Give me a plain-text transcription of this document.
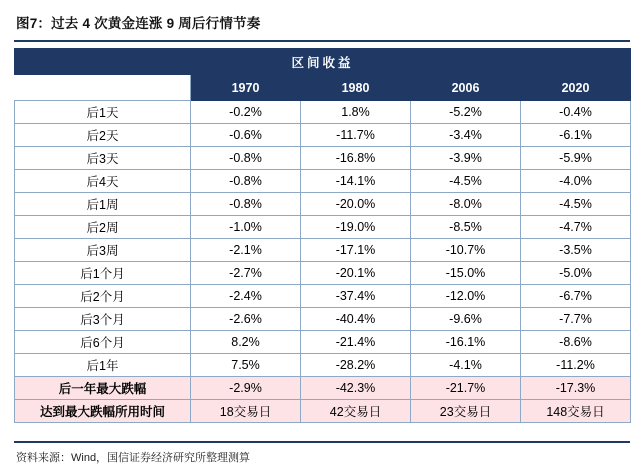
图7：过去 4 次黄金连涨 9 周后行情节奏
区间收益				
	1970	1980	2006	2020
后1天	-0.2%	1.8%	-5.2%	-0.4%
后2天	-0.6%	-11.7%	-3.4%	-6.1%
后3天	-0.8%	-16.8%	-3.9%	-5.9%
后4天	-0.8%	-14.1%	-4.5%	-4.0%
后1周	-0.8%	-20.0%	-8.0%	-4.5%
后2周	-1.0%	-19.0%	-8.5%	-4.7%
后3周	-2.1%	-17.1%	-10.7%	-3.5%
后1个月	-2.7%	-20.1%	-15.0%	-5.0%
后2个月	-2.4%	-37.4%	-12.0%	-6.7%
后3个月	-2.6%	-40.4%	-9.6%	-7.7%
后6个月	8.2%	-21.4%	-16.1%	-8.6%
后1年	7.5%	-28.2%	-4.1%	-11.2%
后一年最大跌幅	-2.9%	-42.3%	-21.7%	-17.3%
达到最大跌幅所用时间	18交易日	42交易日	23交易日	148交易日
资料来源：Wind，国信证券经济研究所整理测算
